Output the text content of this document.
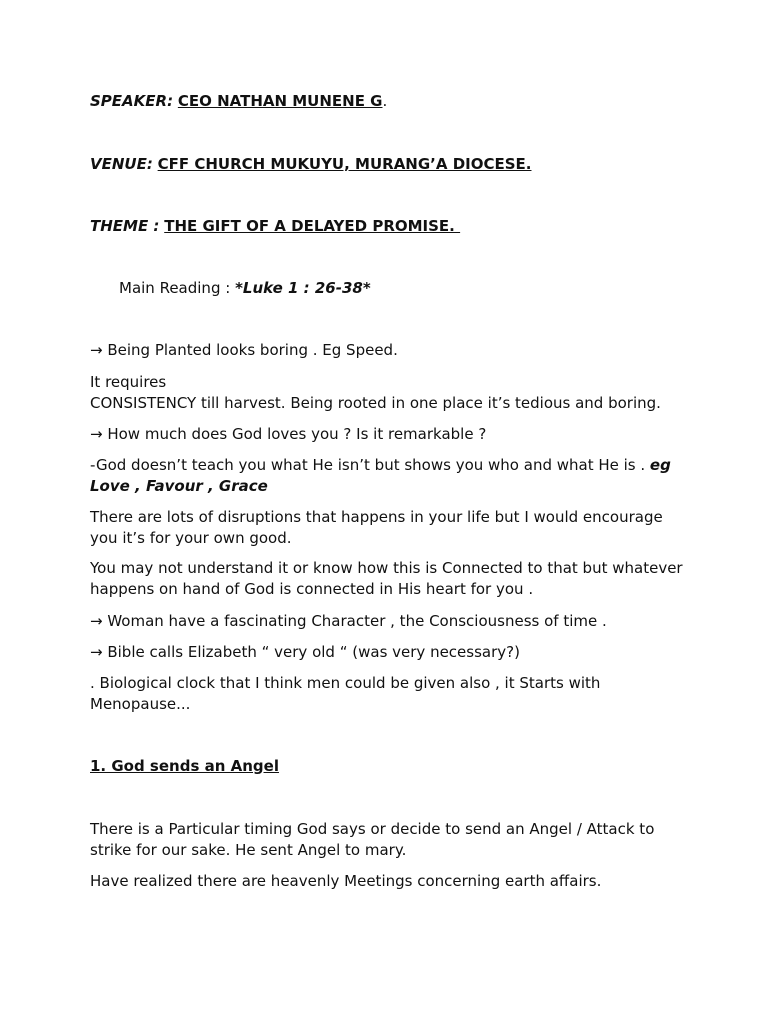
SPEAKER: CEO NATHAN MUNENE G.
VENUE: CFF CHURCH MUKUYU, MURANG’A DIOCESE.
THEME : THE GIFT OF A DELAYED PROMISE.
Main Reading : *Luke 1 : 26-38*
→ Being Planted looks boring . Eg Speed.
It requires
CONSISTENCY till harvest. Being rooted in one place it’s tedious and boring.
→ How much does God loves you ? Is it remarkable ?
-God doesn’t teach you what He isn’t but shows you who and what He is . eg Love , Favour , Grace
There are lots of disruptions that happens in your life but I would encourage you it’s for your own good.
You may not understand it or know how this is Connected to that but whatever happens on hand of God is connected in His heart for you .
→ Woman have a fascinating Character , the Consciousness of time .
→ Bible calls Elizabeth “ very old “ (was very necessary?)
. Biological clock that I think men could be given also , it Starts with Menopause...
1. God sends an Angel
There is a Particular timing God says or decide to send an Angel / Attack to strike for our sake. He sent Angel to mary.
Have realized there are heavenly Meetings concerning earth affairs.
